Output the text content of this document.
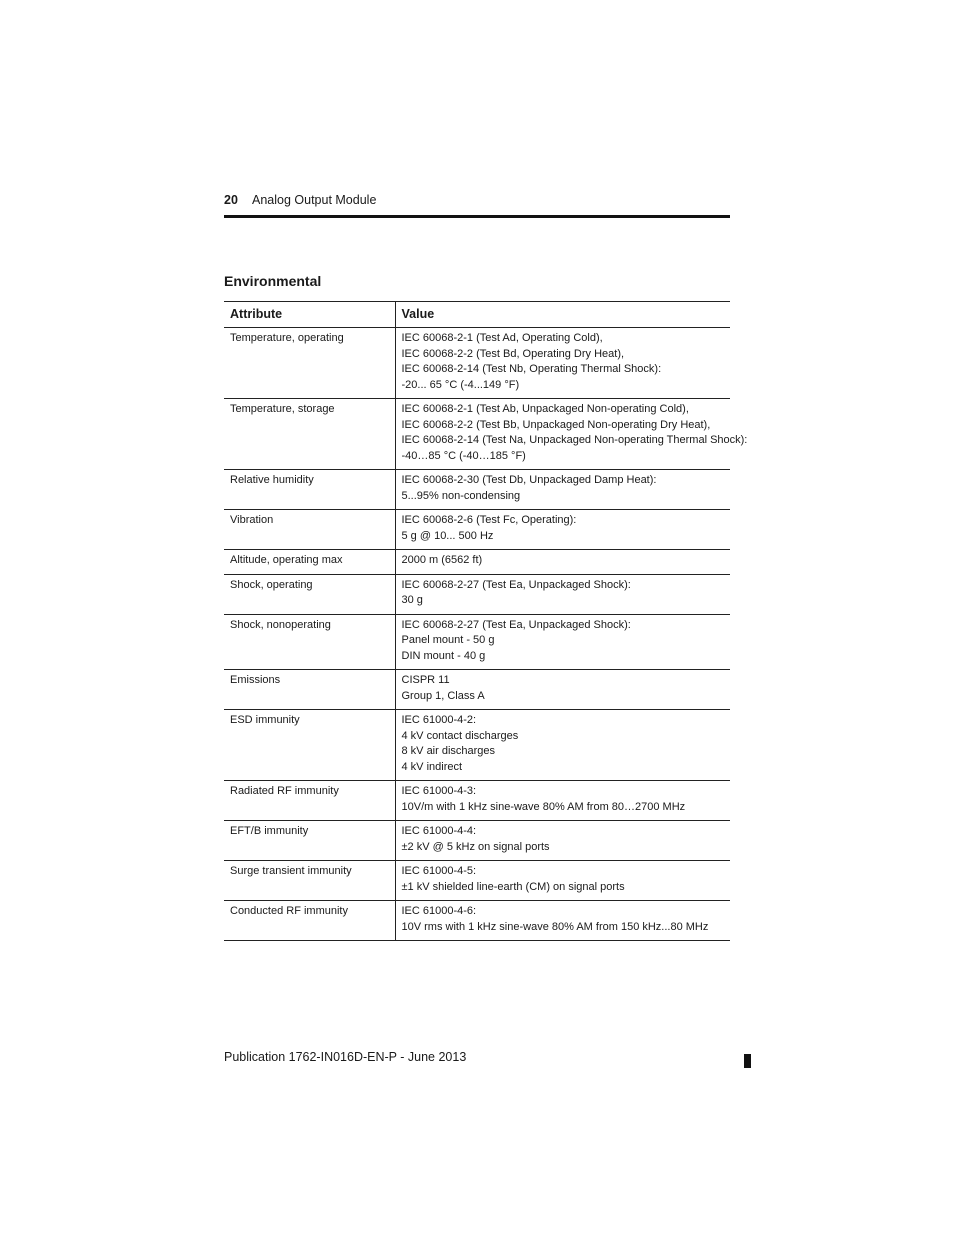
20 Analog Output Module
Environmental
Attribute	Value
Temperature, operating	IEC 60068-2-1 (Test Ad, Operating Cold),
IEC 60068-2-2 (Test Bd, Operating Dry Heat),
IEC 60068-2-14 (Test Nb, Operating Thermal Shock):
-20... 65 °C (-4...149 °F)

Temperature, storage	IEC 60068-2-1 (Test Ab, Unpackaged Non-operating Cold),
IEC 60068-2-2 (Test Bb, Unpackaged Non-operating Dry Heat),
IEC 60068-2-14 (Test Na, Unpackaged Non-operating Thermal Shock):
-40…85 °C (-40…185 °F)

Relative humidity	IEC 60068-2-30 (Test Db, Unpackaged Damp Heat):
5...95% non-condensing

Vibration	IEC 60068-2-6 (Test Fc, Operating):
5 g @ 10... 500 Hz

Altitude, operating max	2000 m (6562 ft)

Shock, operating	IEC 60068-2-27 (Test Ea, Unpackaged Shock):
30 g

Shock, nonoperating	IEC 60068-2-27 (Test Ea, Unpackaged Shock):
Panel mount - 50 g
DIN mount - 40 g

Emissions	CISPR 11
Group 1, Class A

ESD immunity	IEC 61000-4-2:
4 kV contact discharges
8 kV air discharges
4 kV indirect

Radiated RF immunity	IEC 61000-4-3:
10V/m with 1 kHz sine-wave 80% AM from 80…2700 MHz

EFT/B immunity	IEC 61000-4-4:
±2 kV @ 5 kHz on signal ports

Surge transient immunity	IEC 61000-4-5:
±1 kV shielded line-earth (CM) on signal ports

Conducted RF immunity	IEC 61000-4-6:
10V rms with 1 kHz sine-wave 80% AM from 150 kHz...80 MHz
Publication 1762-IN016D-EN-P - June 2013
